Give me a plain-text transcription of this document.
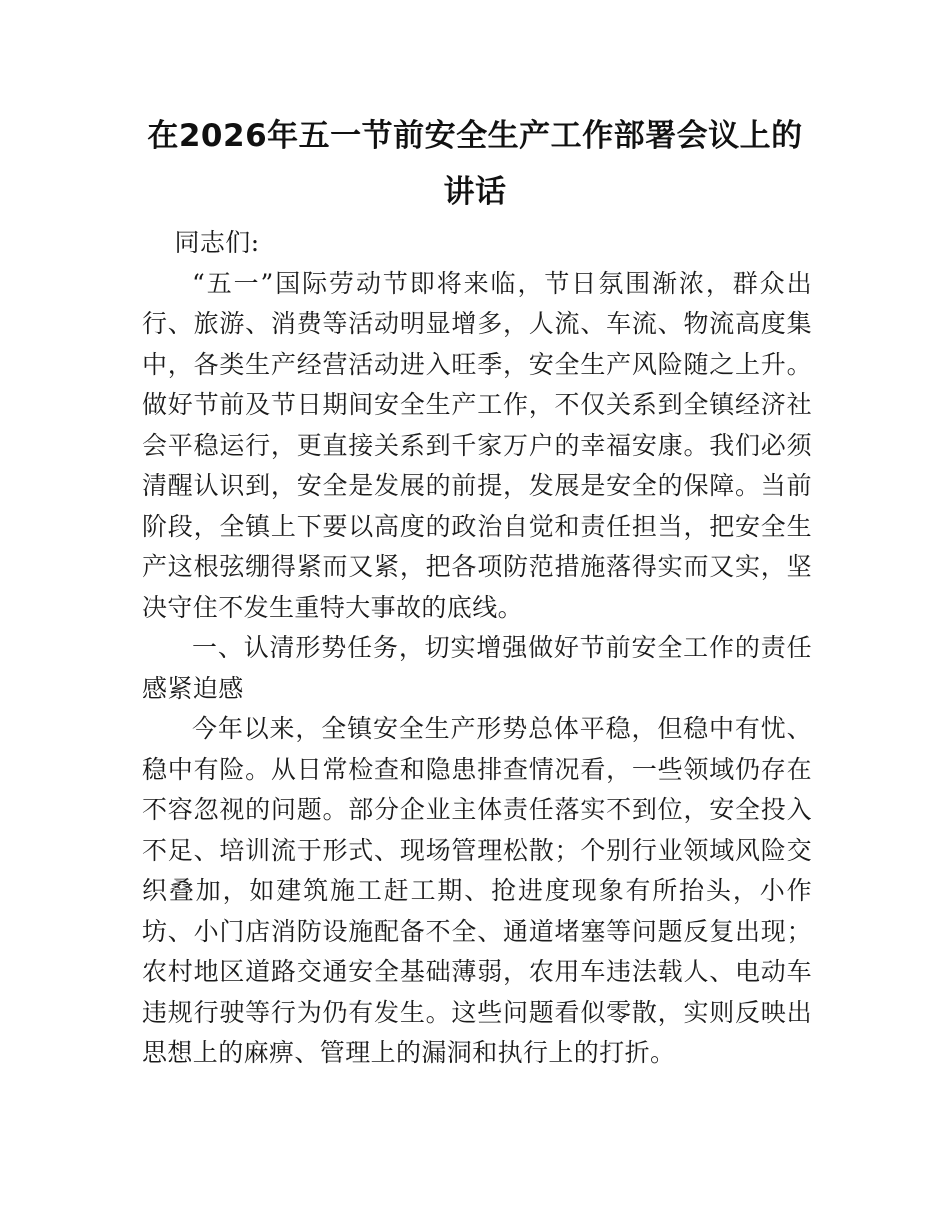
在2026年五一节前安全生产工作部署会议上的讲话

同志们:

“五一”国际劳动节即将来临，节日氛围渐浓，群众出行、旅游、消费等活动明显增多，人流、车流、物流高度集中，各类生产经营活动进入旺季，安全生产风险随之上升。做好节前及节日期间安全生产工作，不仅关系到全镇经济社会平稳运行，更直接关系到千家万户的幸福安康。我们必须清醒认识到，安全是发展的前提，发展是安全的保障。当前阶段，全镇上下要以高度的政治自觉和责任担当，把安全生产这根弦绷得紧而又紧，把各项防范措施落得实而又实，坚决守住不发生重特大事故的底线。

一、认清形势任务，切实增强做好节前安全工作的责任感紧迫感

今年以来，全镇安全生产形势总体平稳，但稳中有忧、稳中有险。从日常检查和隐患排查情况看，一些领域仍存在不容忽视的问题。部分企业主体责任落实不到位，安全投入不足、培训流于形式、现场管理松散；个别行业领域风险交织叠加，如建筑施工赶工期、抢进度现象有所抬头，小作坊、小门店消防设施配备不全、通道堵塞等问题反复出现；农村地区道路交通安全基础薄弱，农用车违法载人、电动车违规行驶等行为仍有发生。这些问题看似零散，实则反映出思想上的麻痹、管理上的漏洞和执行上的打折。
